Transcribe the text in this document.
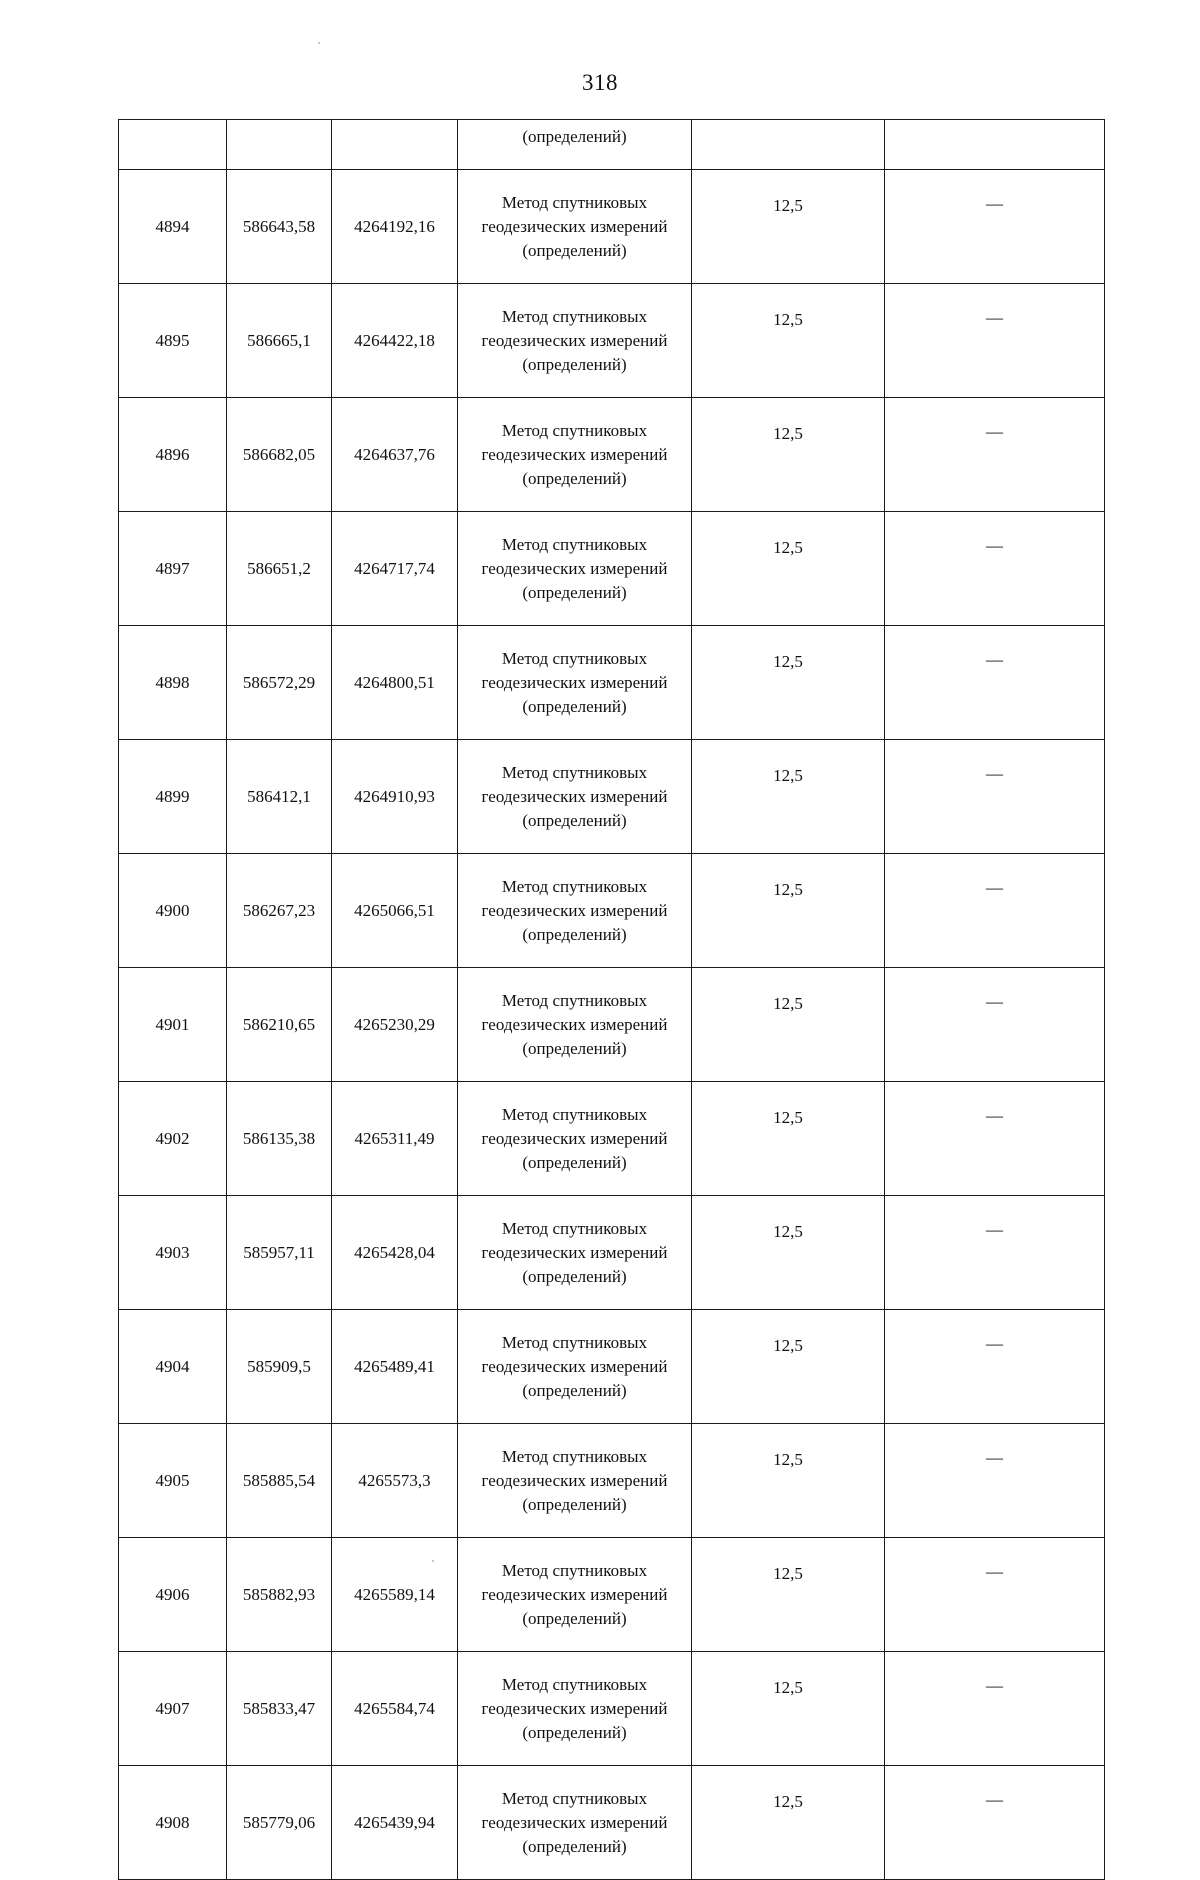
318
			(определений)		
4894	586643,58	4264192,16	Метод спутниковых
геодезических измерений
(определений)	12,5	—
4895	586665,1	4264422,18	Метод спутниковых
геодезических измерений
(определений)	12,5	—
4896	586682,05	4264637,76	Метод спутниковых
геодезических измерений
(определений)	12,5	—
4897	586651,2	4264717,74	Метод спутниковых
геодезических измерений
(определений)	12,5	—
4898	586572,29	4264800,51	Метод спутниковых
геодезических измерений
(определений)	12,5	—
4899	586412,1	4264910,93	Метод спутниковых
геодезических измерений
(определений)	12,5	—
4900	586267,23	4265066,51	Метод спутниковых
геодезических измерений
(определений)	12,5	—
4901	586210,65	4265230,29	Метод спутниковых
геодезических измерений
(определений)	12,5	—
4902	586135,38	4265311,49	Метод спутниковых
геодезических измерений
(определений)	12,5	—
4903	585957,11	4265428,04	Метод спутниковых
геодезических измерений
(определений)	12,5	—
4904	585909,5	4265489,41	Метод спутниковых
геодезических измерений
(определений)	12,5	—
4905	585885,54	4265573,3	Метод спутниковых
геодезических измерений
(определений)	12,5	—
4906	585882,93	4265589,14	Метод спутниковых
геодезических измерений
(определений)	12,5	—
4907	585833,47	4265584,74	Метод спутниковых
геодезических измерений
(определений)	12,5	—
4908	585779,06	4265439,94	Метод спутниковых
геодезических измерений
(определений)	12,5	—
